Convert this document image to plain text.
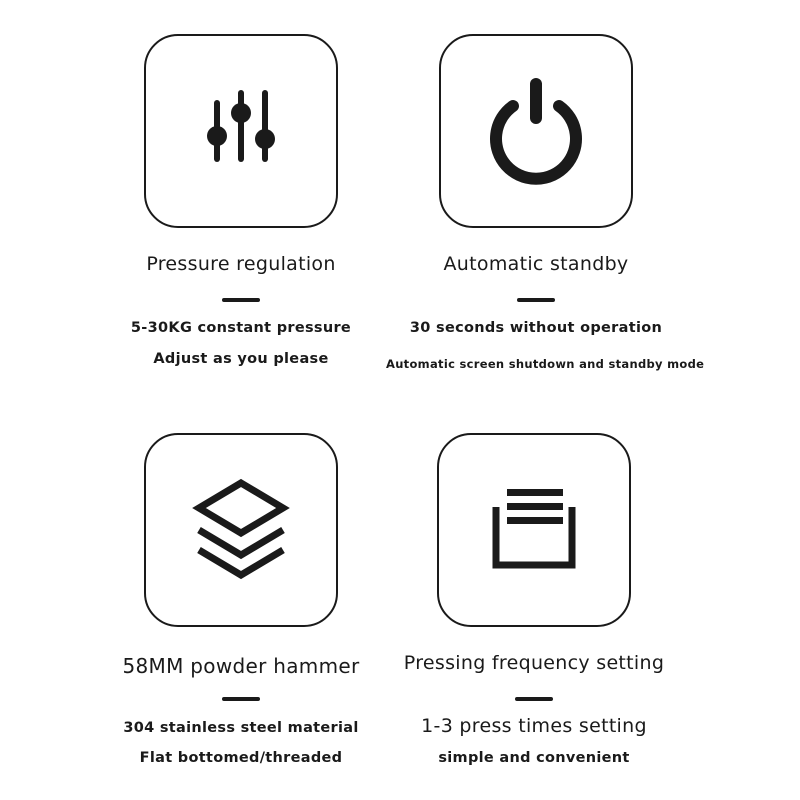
Pressure regulation
5-30KG constant pressure
Adjust as you please
Automatic standby
30 seconds without operation
Automatic screen shutdown and standby mode
58MM powder hammer
304 stainless steel material
Flat bottomed/threaded
Pressing frequency setting
1-3 press times setting
simple and convenient
